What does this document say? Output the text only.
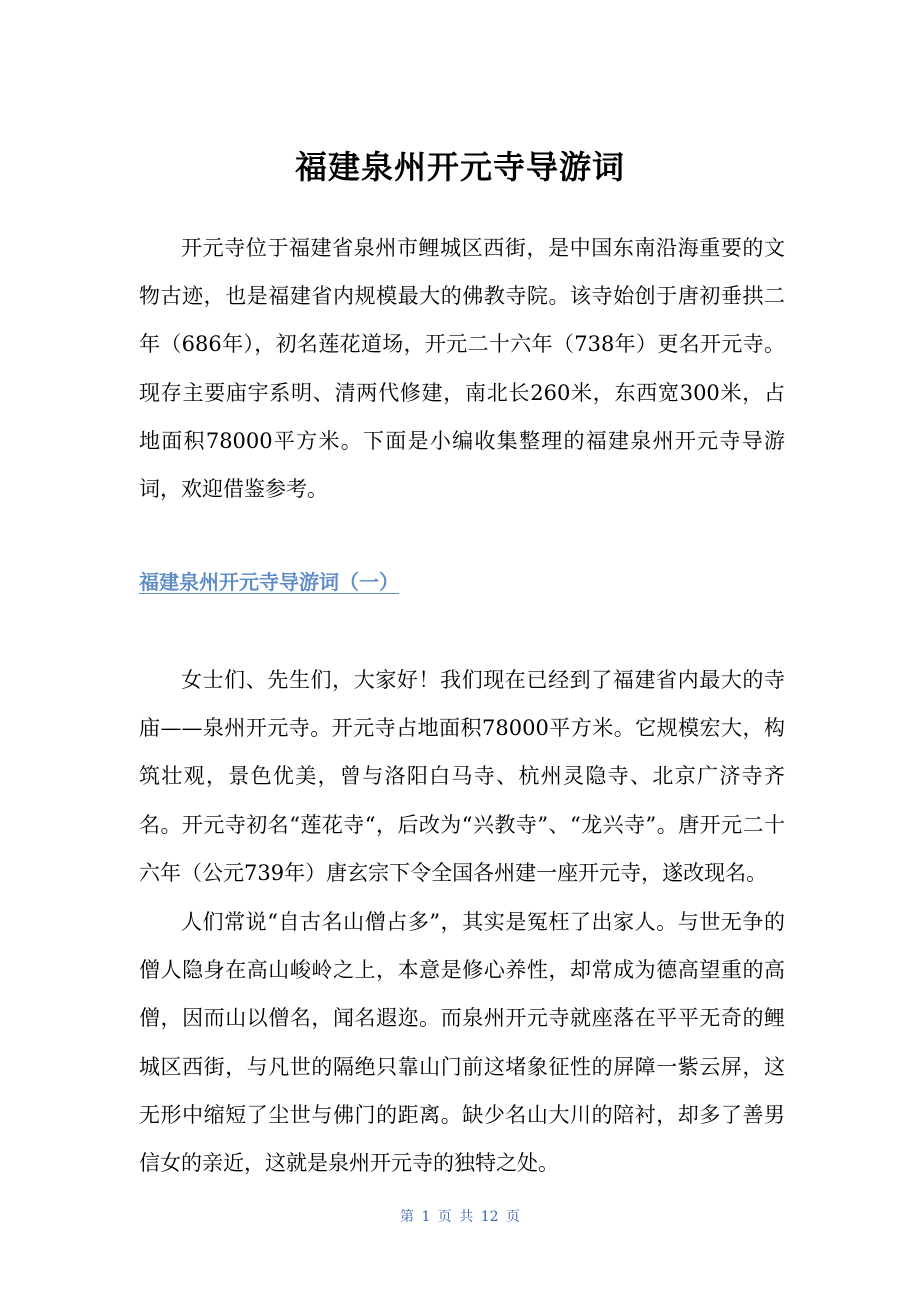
福建泉州开元寺导游词

开元寺位于福建省泉州市鲤城区西街，是中国东南沿海重要的文物古迹，也是福建省内规模最大的佛教寺院。该寺始创于唐初垂拱二年（686年），初名莲花道场，开元二十六年（738年）更名开元寺。现存主要庙宇系明、清两代修建，南北长260米，东西宽300米，占地面积78000平方米。下面是小编收集整理的福建泉州开元寺导游词，欢迎借鉴参考。

福建泉州开元寺导游词（一）

女士们、先生们，大家好！我们现在已经到了福建省内最大的寺庙——泉州开元寺。开元寺占地面积78000平方米。它规模宏大，构筑壮观，景色优美，曾与洛阳白马寺、杭州灵隐寺、北京广济寺齐名。开元寺初名“莲花寺“，后改为“兴教寺”、“龙兴寺”。唐开元二十六年（公元739年）唐玄宗下令全国各州建一座开元寺，遂改现名。

人们常说“自古名山僧占多”，其实是冤枉了出家人。与世无争的僧人隐身在高山峻岭之上，本意是修心养性，却常成为德高望重的高僧，因而山以僧名，闻名遐迩。而泉州开元寺就座落在平平无奇的鲤城区西街，与凡世的隔绝只靠山门前这堵象征性的屏障一紫云屏，这无形中缩短了尘世与佛门的距离。缺少名山大川的陪衬，却多了善男信女的亲近，这就是泉州开元寺的独特之处。

第 1 页 共 12 页
